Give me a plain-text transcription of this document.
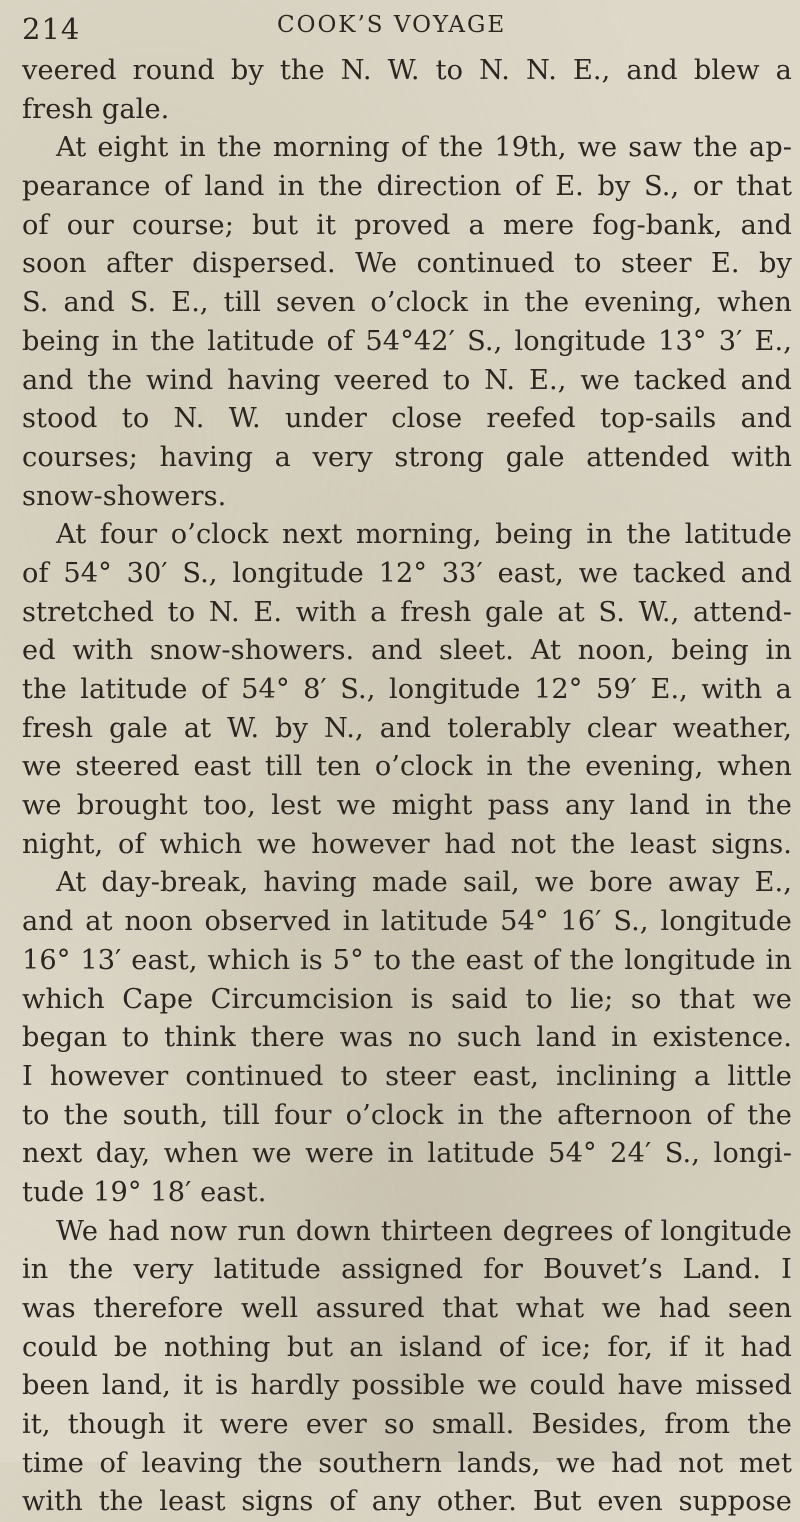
214	COOK’S VOYAGE
veered round by the N. W. to N. N. E., and blew a
fresh gale.
At eight in the morning of the 19th, we saw the ap-
pearance of land in the direction of E. by S., or that
of our course; but it proved a mere fog-bank, and
soon after dispersed. We continued to steer E. by
S. and S. E., till seven o’clock in the evening, when
being in the latitude of 54°42′ S., longitude 13° 3′ E.,
and the wind having veered to N. E., we tacked and
stood to N. W. under close reefed top-sails and
courses; having a very strong gale attended with
snow-showers.
At four o’clock next morning, being in the latitude
of 54° 30′ S., longitude 12° 33′ east, we tacked and
stretched to N. E. with a fresh gale at S. W., attend-
ed with snow-showers. and sleet. At noon, being in
the latitude of 54° 8′ S., longitude 12° 59′ E., with a
fresh gale at W. by N., and tolerably clear weather,
we steered east till ten o’clock in the evening, when
we brought too, lest we might pass any land in the
night, of which we however had not the least signs.
At day-break, having made sail, we bore away E.,
and at noon observed in latitude 54° 16′ S., longitude
16° 13′ east, which is 5° to the east of the longitude in
which Cape Circumcision is said to lie; so that we
began to think there was no such land in existence.
I however continued to steer east, inclining a little
to the south, till four o’clock in the afternoon of the
next day, when we were in latitude 54° 24′ S., longi-
tude 19° 18′ east.
We had now run down thirteen degrees of longitude
in the very latitude assigned for Bouvet’s Land. I
was therefore well assured that what we had seen
could be nothing but an island of ice; for, if it had
been land, it is hardly possible we could have missed
it, though it were ever so small. Besides, from the
time of leaving the southern lands, we had not met
with the least signs of any other. But even suppose
